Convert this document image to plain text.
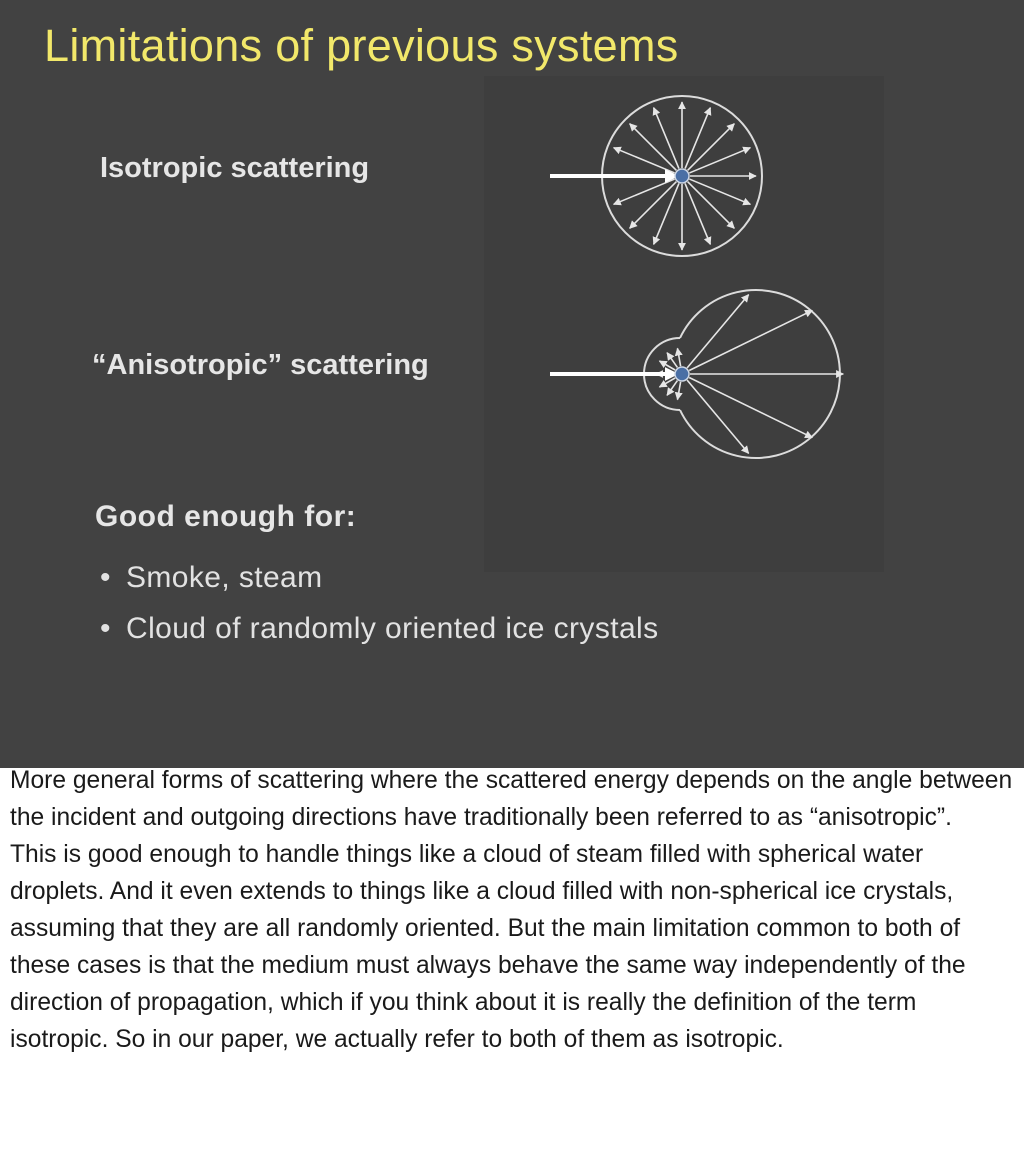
Limitations of previous systems
Isotropic scattering
“Anisotropic” scattering
Good enough for:
• Smoke, steam
• Cloud of randomly oriented ice crystals

More general forms of scattering where the scattered energy depends on the angle between the incident and outgoing directions have traditionally been referred to as “anisotropic”.

This is good enough to handle things like a cloud of steam ﬁlled with spherical water droplets. And it even extends to things like a cloud ﬁlled with non-spherical ice crystals, assuming that they are all randomly oriented. But the main limitation common to both of these cases is that the medium must always behave the same way independently of the direction of propagation, which if you think about it is really the deﬁnition of the term isotropic. So in our paper, we actually refer to both of them as isotropic.
